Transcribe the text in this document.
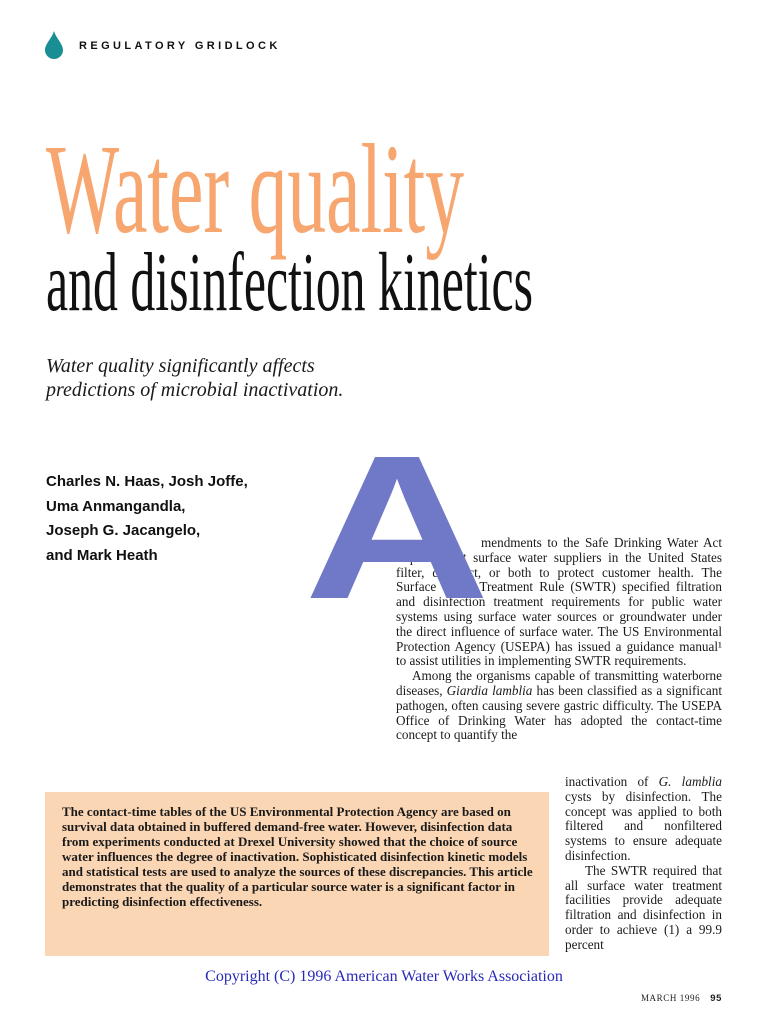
REGULATORY GRIDLOCK
Water quality
and disinfection kinetics
Water quality significantly affects
predictions of microbial inactivation.
Charles N. Haas, Josh Joffe,
Uma Anmangandla,
Joseph G. Jacangelo,
and Mark Heath

mendments to the Safe Drinking Water Act required that surface water suppliers in the United States filter, disinfect, or both to protect customer health. The Surface Water Treatment Rule (SWTR) specified filtration and disinfection treatment requirements for public water systems using surface water sources or groundwater under the direct influence of surface water. The US Environmental Protection Agency (USEPA) has issued a guidance manual¹ to assist utilities in implementing SWTR requirements.

Among the organisms capable of transmitting waterborne diseases, Giardia lamblia has been classified as a significant pathogen, often causing severe gastric difficulty. The USEPA Office of Drinking Water has adopted the contact-time concept to quantify the

A

inactivation of G. lamblia cysts by disinfection. The concept was applied to both filtered and nonfiltered systems to ensure adequate disinfection.

The SWTR required that all surface water treatment facilities provide adequate filtration and disinfection in order to achieve (1) a 99.9 percent

The contact-time tables of the US Environmental Protection Agency are based on survival data obtained in buffered demand-free water. However, disinfection data from experiments conducted at Drexel University showed that the choice of source water influences the degree of inactivation. Sophisticated disinfection kinetic models and statistical tests are used to analyze the sources of these discrepancies. This article demonstrates that the quality of a particular source water is a significant factor in predicting disinfection effectiveness.
Copyright (C) 1996 American Water Works Association
MARCH 1996 95
